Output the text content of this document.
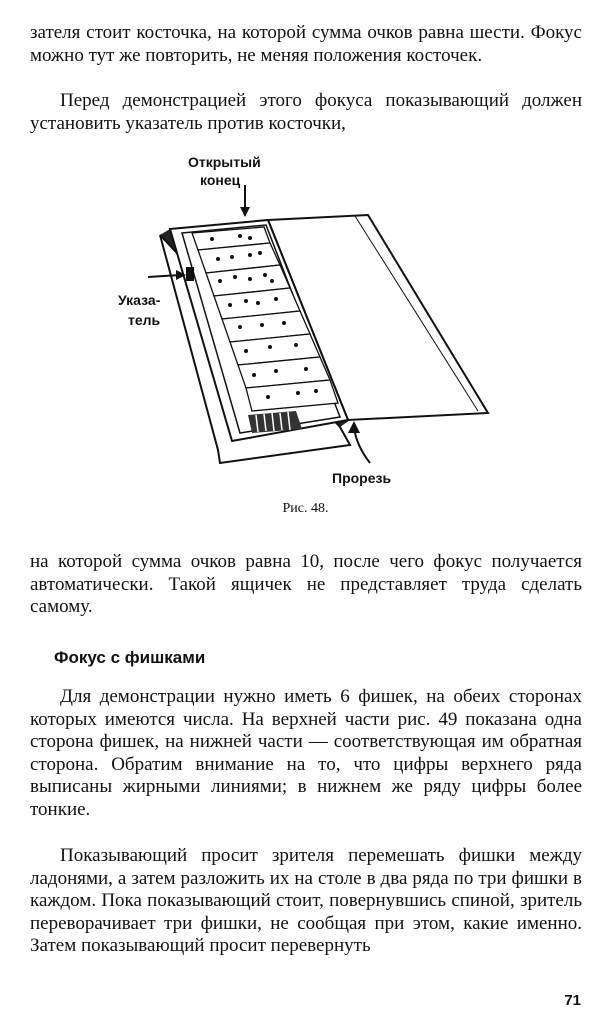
зателя стоит косточка, на которой сумма очков равна шести. Фокус можно тут же повторить, не меняя положения косточек.

Перед демонстрацией этого фокуса показывающий должен установить указатель против косточки,

Открытый
конец
Указа-
тель
Прорезь
Рис. 48.

на которой сумма очков равна 10, после чего фокус получается автоматически. Такой ящичек не представляет труда сделать самому.

Фокус с фишками

Для демонстрации нужно иметь 6 фишек, на обеих сторонах которых имеются числа. На верхней части рис. 49 показана одна сторона фишек, на нижней части — соответствующая им обратная сторона. Обратим внимание на то, что цифры верхнего ряда выписаны жирными линиями; в нижнем же ряду цифры более тонкие.

Показывающий просит зрителя перемешать фишки между ладонями, а затем разложить их на столе в два ряда по три фишки в каждом. Пока показывающий стоит, повернувшись спиной, зритель переворачивает три фишки, не сообщая при этом, какие именно. Затем показывающий просит перевернуть

71
